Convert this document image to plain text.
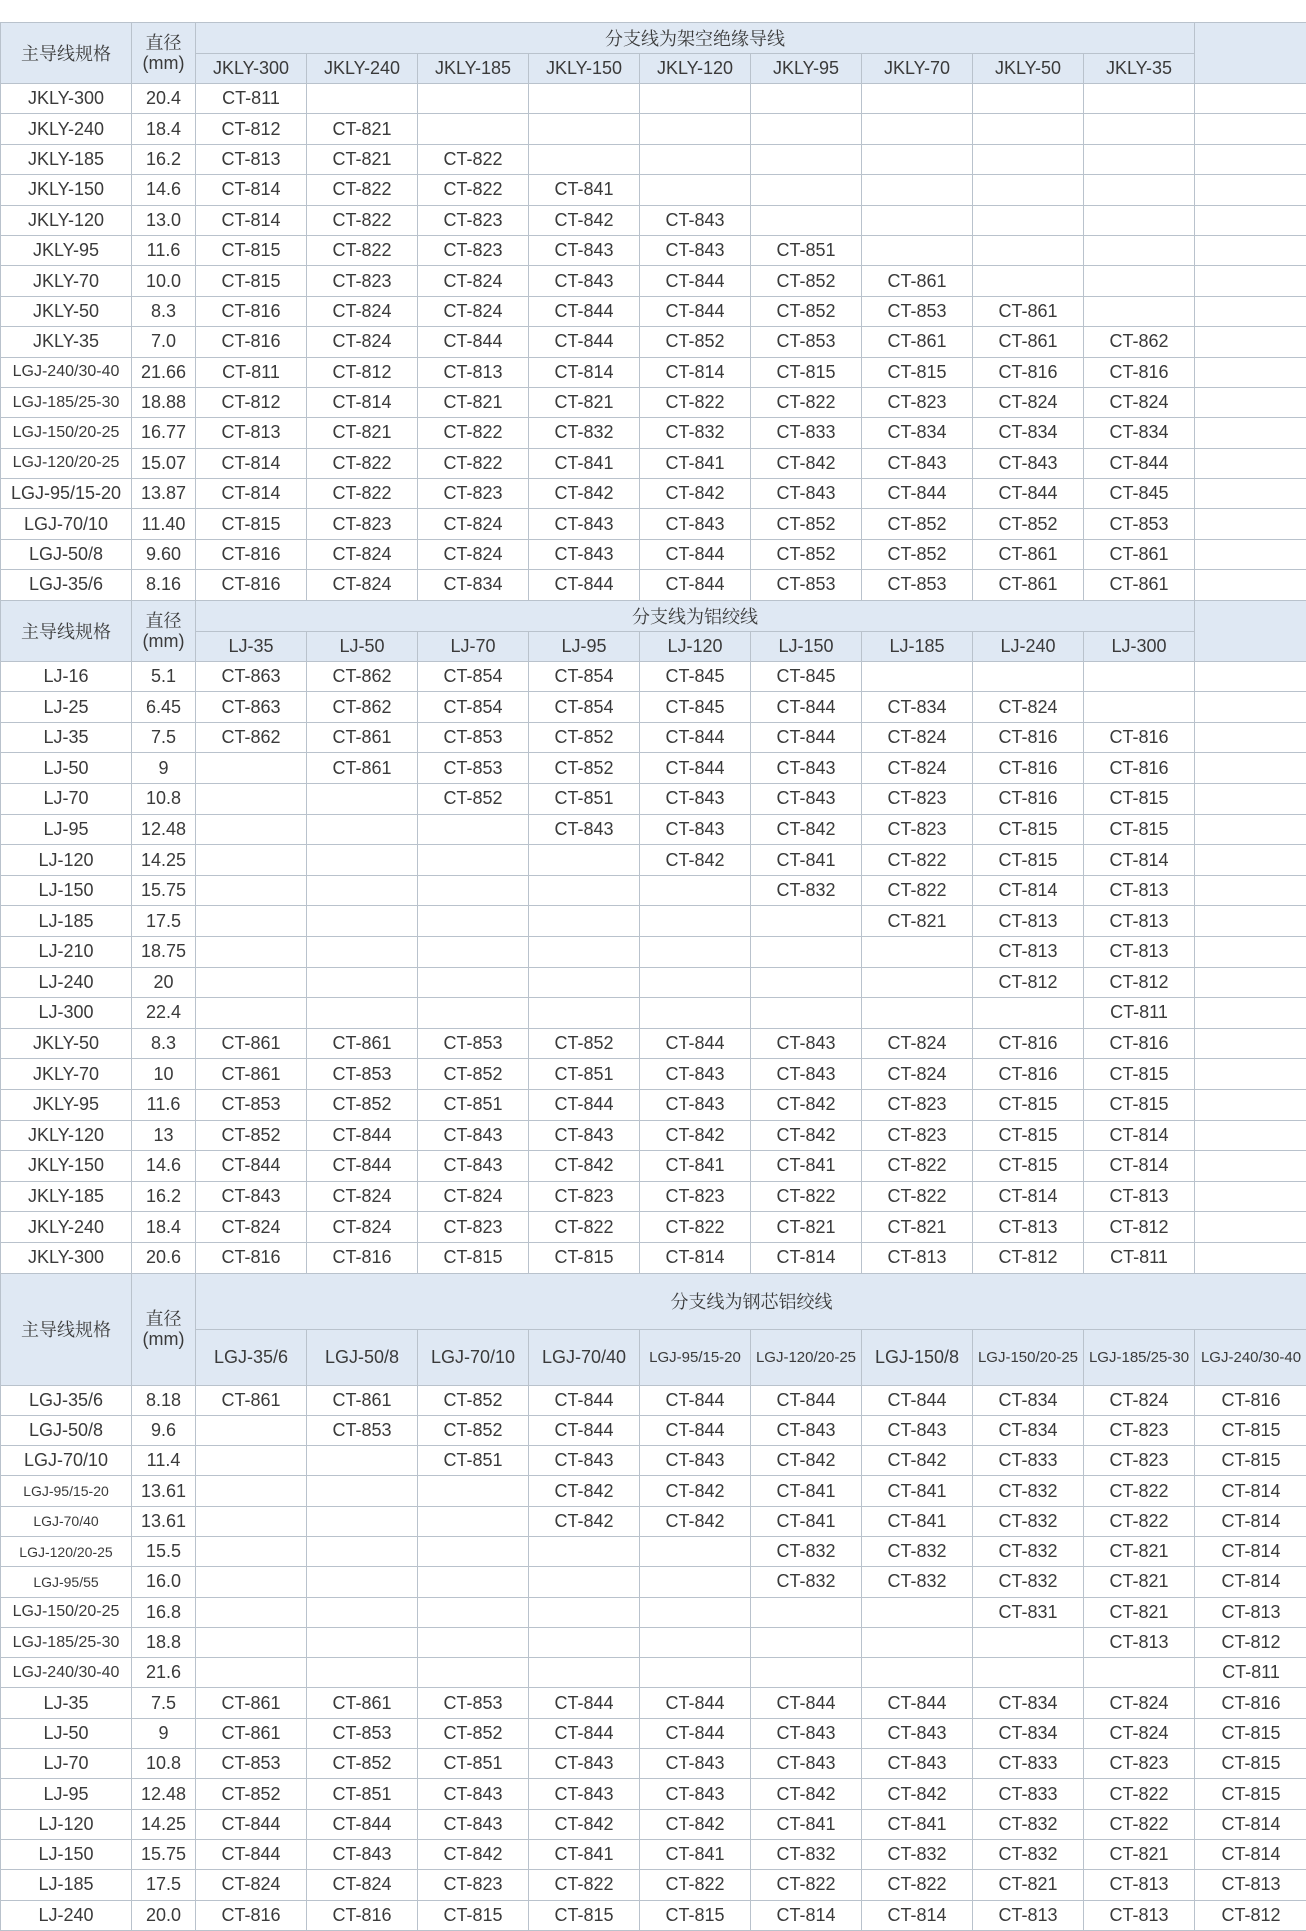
主导线规格	直径
(mm)	分支线为架空绝缘导线									
		JKLY-300	JKLY-240	JKLY-185	JKLY-150	JKLY-120	JKLY-95	JKLY-70	JKLY-50	JKLY-35	
JKLY-300	20.4	CT-811									
JKLY-240	18.4	CT-812	CT-821								
JKLY-185	16.2	CT-813	CT-821	CT-822							
JKLY-150	14.6	CT-814	CT-822	CT-822	CT-841						
JKLY-120	13.0	CT-814	CT-822	CT-823	CT-842	CT-843					
JKLY-95	11.6	CT-815	CT-822	CT-823	CT-843	CT-843	CT-851				
JKLY-70	10.0	CT-815	CT-823	CT-824	CT-843	CT-844	CT-852	CT-861			
JKLY-50	8.3	CT-816	CT-824	CT-824	CT-844	CT-844	CT-852	CT-853	CT-861		
JKLY-35	7.0	CT-816	CT-824	CT-844	CT-844	CT-852	CT-853	CT-861	CT-861	CT-862	
LGJ-240/30-40	21.66	CT-811	CT-812	CT-813	CT-814	CT-814	CT-815	CT-815	CT-816	CT-816	
LGJ-185/25-30	18.88	CT-812	CT-814	CT-821	CT-821	CT-822	CT-822	CT-823	CT-824	CT-824	
LGJ-150/20-25	16.77	CT-813	CT-821	CT-822	CT-832	CT-832	CT-833	CT-834	CT-834	CT-834	
LGJ-120/20-25	15.07	CT-814	CT-822	CT-822	CT-841	CT-841	CT-842	CT-843	CT-843	CT-844	
LGJ-95/15-20	13.87	CT-814	CT-822	CT-823	CT-842	CT-842	CT-843	CT-844	CT-844	CT-845	
LGJ-70/10	11.40	CT-815	CT-823	CT-824	CT-843	CT-843	CT-852	CT-852	CT-852	CT-853	
LGJ-50/8	9.60	CT-816	CT-824	CT-824	CT-843	CT-844	CT-852	CT-852	CT-861	CT-861	
LGJ-35/6	8.16	CT-816	CT-824	CT-834	CT-844	CT-844	CT-853	CT-853	CT-861	CT-861	
主导线规格	直径
(mm)	分支线为铝绞线									
		LJ-35	LJ-50	LJ-70	LJ-95	LJ-120	LJ-150	LJ-185	LJ-240	LJ-300	
LJ-16	5.1	CT-863	CT-862	CT-854	CT-854	CT-845	CT-845				
LJ-25	6.45	CT-863	CT-862	CT-854	CT-854	CT-845	CT-844	CT-834	CT-824		
LJ-35	7.5	CT-862	CT-861	CT-853	CT-852	CT-844	CT-844	CT-824	CT-816	CT-816	
LJ-50	9		CT-861	CT-853	CT-852	CT-844	CT-843	CT-824	CT-816	CT-816	
LJ-70	10.8			CT-852	CT-851	CT-843	CT-843	CT-823	CT-816	CT-815	
LJ-95	12.48				CT-843	CT-843	CT-842	CT-823	CT-815	CT-815	
LJ-120	14.25					CT-842	CT-841	CT-822	CT-815	CT-814	
LJ-150	15.75						CT-832	CT-822	CT-814	CT-813	
LJ-185	17.5							CT-821	CT-813	CT-813	
LJ-210	18.75								CT-813	CT-813	
LJ-240	20								CT-812	CT-812	
LJ-300	22.4									CT-811	
JKLY-50	8.3	CT-861	CT-861	CT-853	CT-852	CT-844	CT-843	CT-824	CT-816	CT-816	
JKLY-70	10	CT-861	CT-853	CT-852	CT-851	CT-843	CT-843	CT-824	CT-816	CT-815	
JKLY-95	11.6	CT-853	CT-852	CT-851	CT-844	CT-843	CT-842	CT-823	CT-815	CT-815	
JKLY-120	13	CT-852	CT-844	CT-843	CT-843	CT-842	CT-842	CT-823	CT-815	CT-814	
JKLY-150	14.6	CT-844	CT-844	CT-843	CT-842	CT-841	CT-841	CT-822	CT-815	CT-814	
JKLY-185	16.2	CT-843	CT-824	CT-824	CT-823	CT-823	CT-822	CT-822	CT-814	CT-813	
JKLY-240	18.4	CT-824	CT-824	CT-823	CT-822	CT-822	CT-821	CT-821	CT-813	CT-812	
JKLY-300	20.6	CT-816	CT-816	CT-815	CT-815	CT-814	CT-814	CT-813	CT-812	CT-811	
主导线规格	直径
(mm)	分支线为钢芯铝绞线									
		LGJ-35/6	LGJ-50/8	LGJ-70/10	LGJ-70/40	LGJ-95/15-20	LGJ-120/20-25	LGJ-150/8	LGJ-150/20-25	LGJ-185/25-30	LGJ-240/30-40
LGJ-35/6	8.18	CT-861	CT-861	CT-852	CT-844	CT-844	CT-844	CT-844	CT-834	CT-824	CT-816
LGJ-50/8	9.6		CT-853	CT-852	CT-844	CT-844	CT-843	CT-843	CT-834	CT-823	CT-815
LGJ-70/10	11.4			CT-851	CT-843	CT-843	CT-842	CT-842	CT-833	CT-823	CT-815
LGJ-95/15-20	13.61				CT-842	CT-842	CT-841	CT-841	CT-832	CT-822	CT-814
LGJ-70/40	13.61				CT-842	CT-842	CT-841	CT-841	CT-832	CT-822	CT-814
LGJ-120/20-25	15.5						CT-832	CT-832	CT-832	CT-821	CT-814
LGJ-95/55	16.0						CT-832	CT-832	CT-832	CT-821	CT-814
LGJ-150/20-25	16.8								CT-831	CT-821	CT-813
LGJ-185/25-30	18.8									CT-813	CT-812
LGJ-240/30-40	21.6										CT-811
LJ-35	7.5	CT-861	CT-861	CT-853	CT-844	CT-844	CT-844	CT-844	CT-834	CT-824	CT-816
LJ-50	9	CT-861	CT-853	CT-852	CT-844	CT-844	CT-843	CT-843	CT-834	CT-824	CT-815
LJ-70	10.8	CT-853	CT-852	CT-851	CT-843	CT-843	CT-843	CT-843	CT-833	CT-823	CT-815
LJ-95	12.48	CT-852	CT-851	CT-843	CT-843	CT-843	CT-842	CT-842	CT-833	CT-822	CT-815
LJ-120	14.25	CT-844	CT-844	CT-843	CT-842	CT-842	CT-841	CT-841	CT-832	CT-822	CT-814
LJ-150	15.75	CT-844	CT-843	CT-842	CT-841	CT-841	CT-832	CT-832	CT-832	CT-821	CT-814
LJ-185	17.5	CT-824	CT-824	CT-823	CT-822	CT-822	CT-822	CT-822	CT-821	CT-813	CT-813
LJ-240	20.0	CT-816	CT-816	CT-815	CT-815	CT-815	CT-814	CT-814	CT-813	CT-813	CT-812
